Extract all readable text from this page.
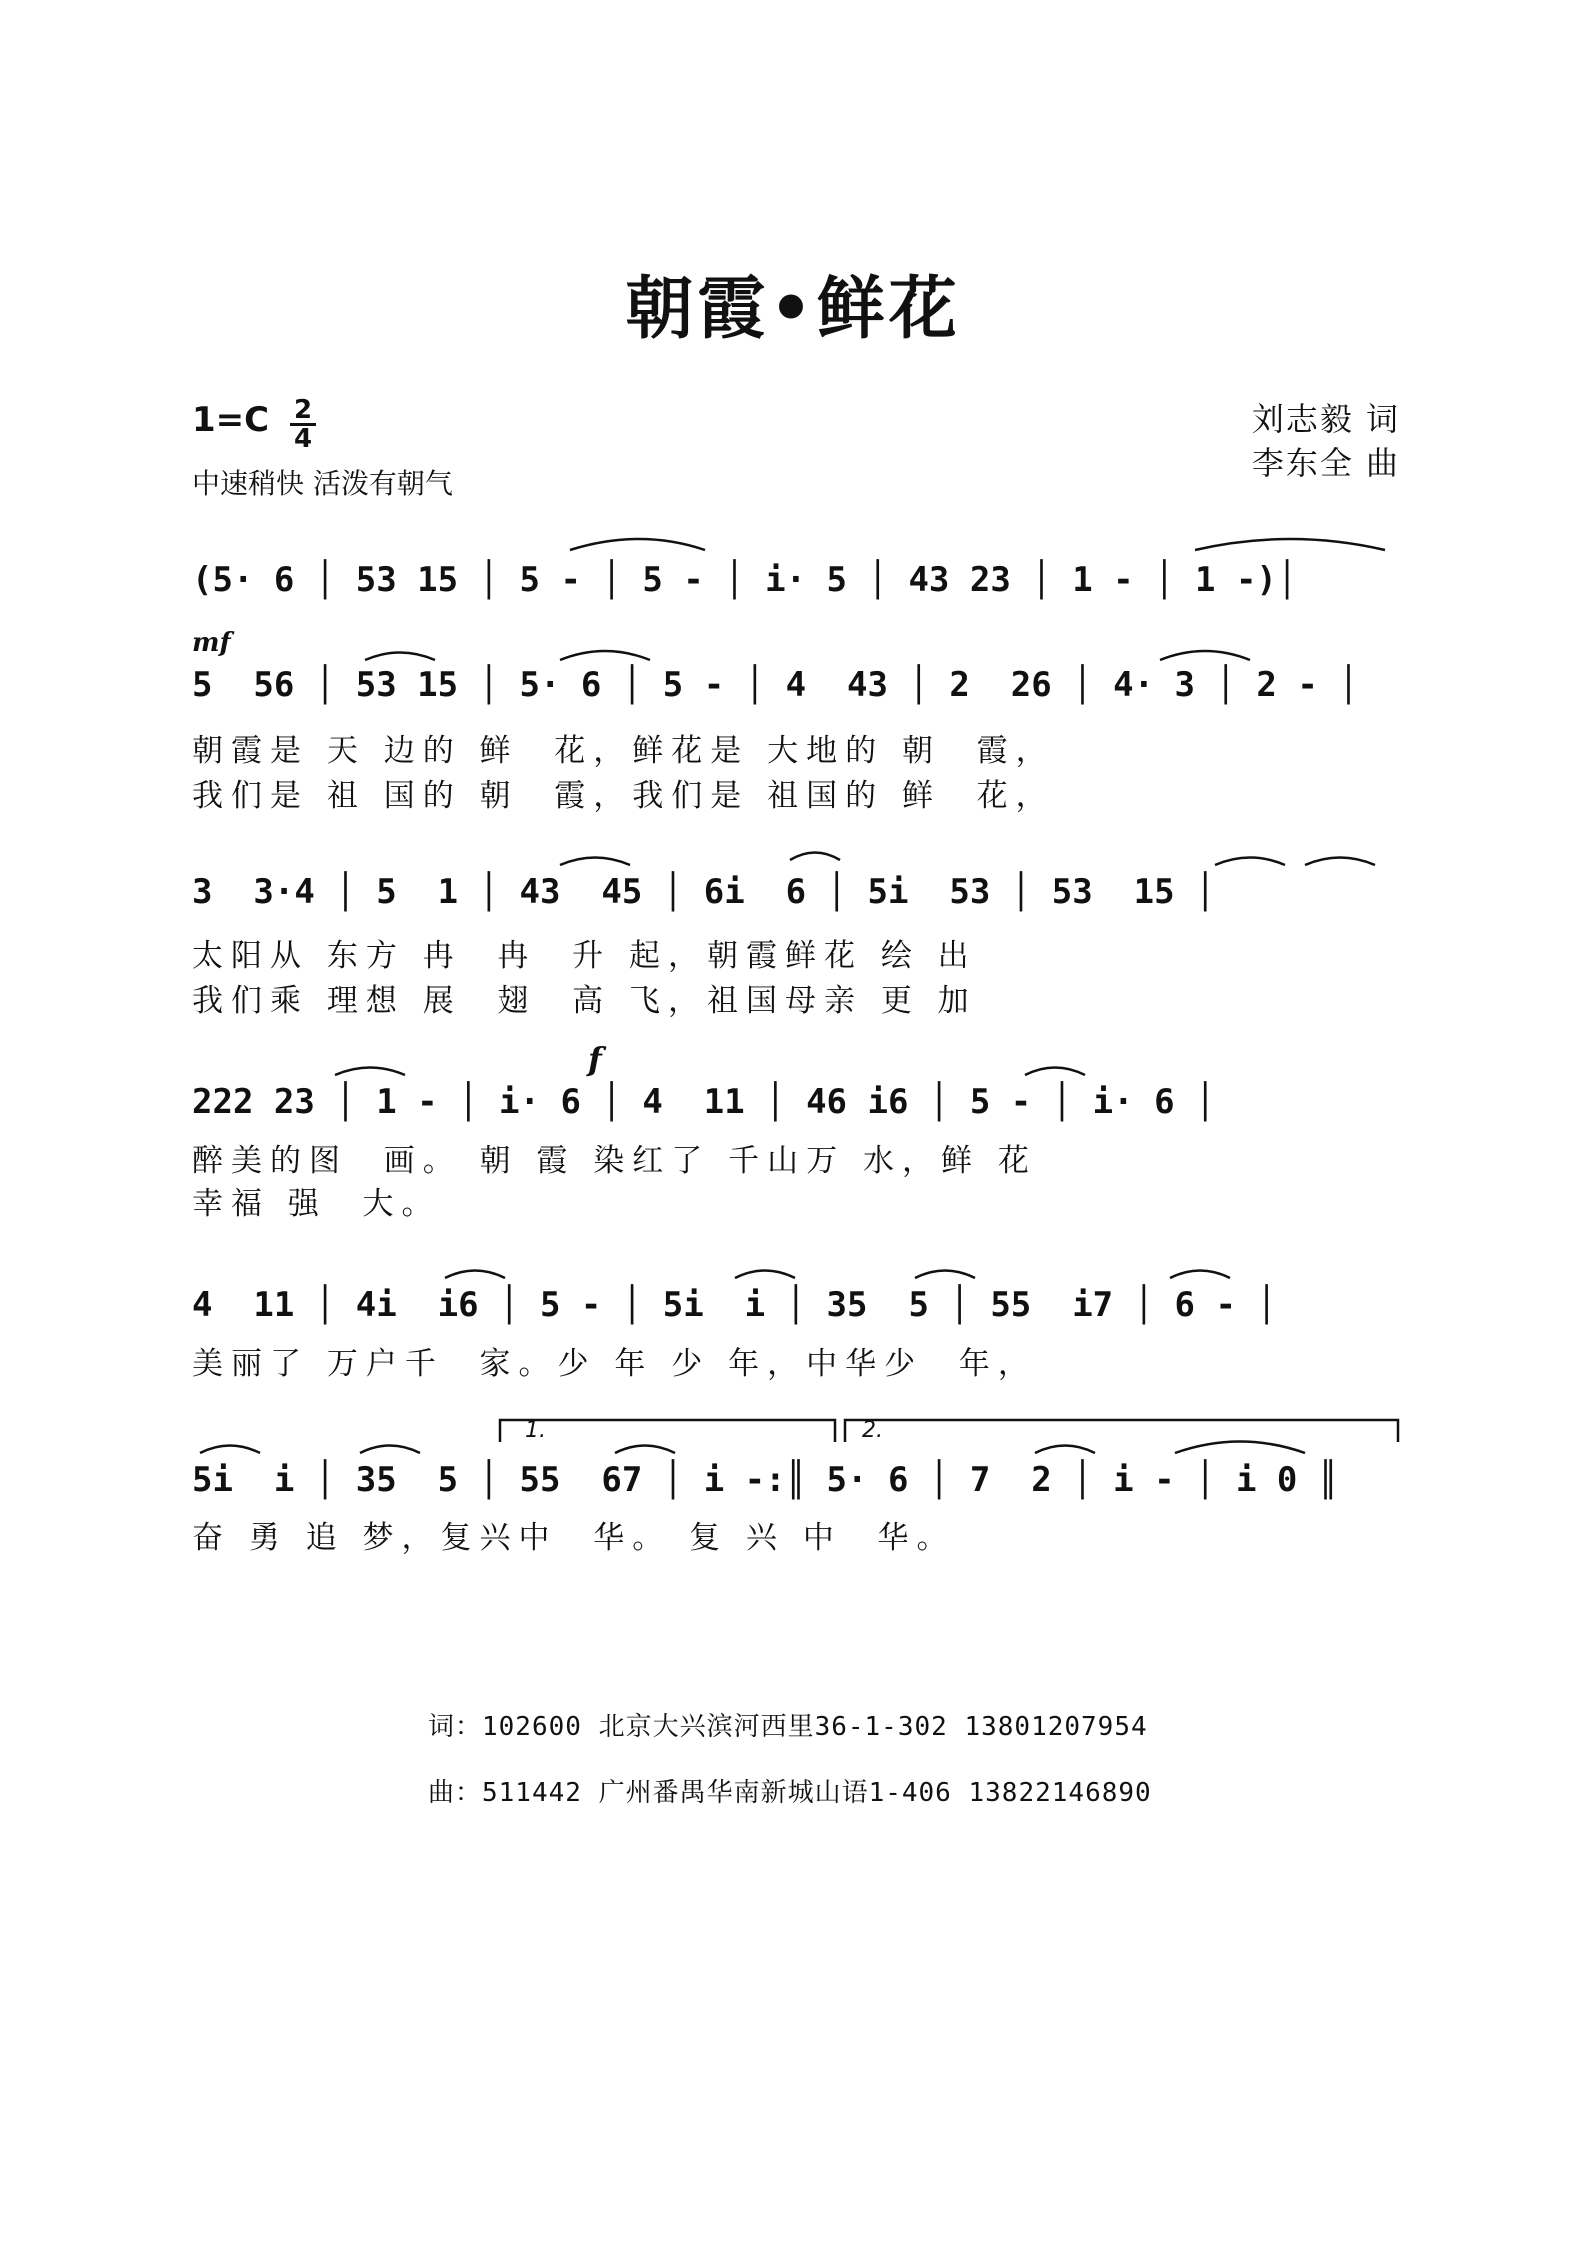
朝霞•鲜花
1=C 2
4
中速稍快 活泼有朝气
刘志毅 词
李东全 曲
(5· 6 │ 53 15 │ 5 - │ 5 - │ i· 5 │ 43 23 │ 1 - │ 1 -)│
mf
5  56 │ 53 15 │ 5· 6 │ 5 - │ 4  43 │ 2  26 │ 4· 3 │ 2 - │
朝霞是 天 边的 鲜  花，鲜花是 大地的 朝  霞，
我们是 祖 国的 朝  霞，我们是 祖国的 鲜  花，
3  3·4 │ 5  1 │ 43  45 │ 6i  6 │ 5i  53 │ 53  15 │
太阳从 东方 冉  冉  升 起，朝霞鲜花 绘 出
我们乘 理想 展  翅  高 飞，祖国母亲 更 加
f
222 23 │ 1 - │ i· 6 │ 4  11 │ 46 i6 │ 5 - │ i· 6 │
醉美的图  画。 朝 霞 染红了 千山万 水，鲜 花
幸福 强  大。
4  11 │ 4i  i6 │ 5 - │ 5i  i │ 35  5 │ 55  i7 │ 6 - │
美丽了 万户千  家。少 年 少 年，中华少  年，
1.	2.
5i  i │ 35  5 │ 55  67 │ i -:║ 5· 6 │ 7  2 │ i - │ i 0 ║
奋 勇 追 梦，复兴中  华。 复 兴 中  华。
词：102600 北京大兴滨河西里36-1-302 13801207954
曲：511442 广州番禺华南新城山语1-406 13822146890
